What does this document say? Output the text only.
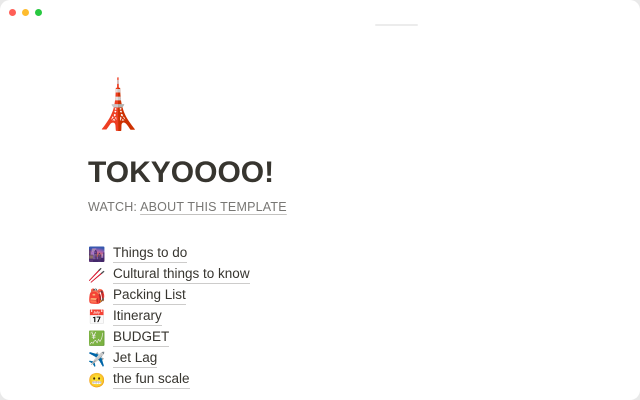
🗼
TOKYOOOO!
WATCH: ABOUT THIS TEMPLATE
🌆 Things to do
🥢 Cultural things to know
🎒 Packing List
📅 Itinerary
💹 BUDGET
✈️ Jet Lag
😬 the fun scale
